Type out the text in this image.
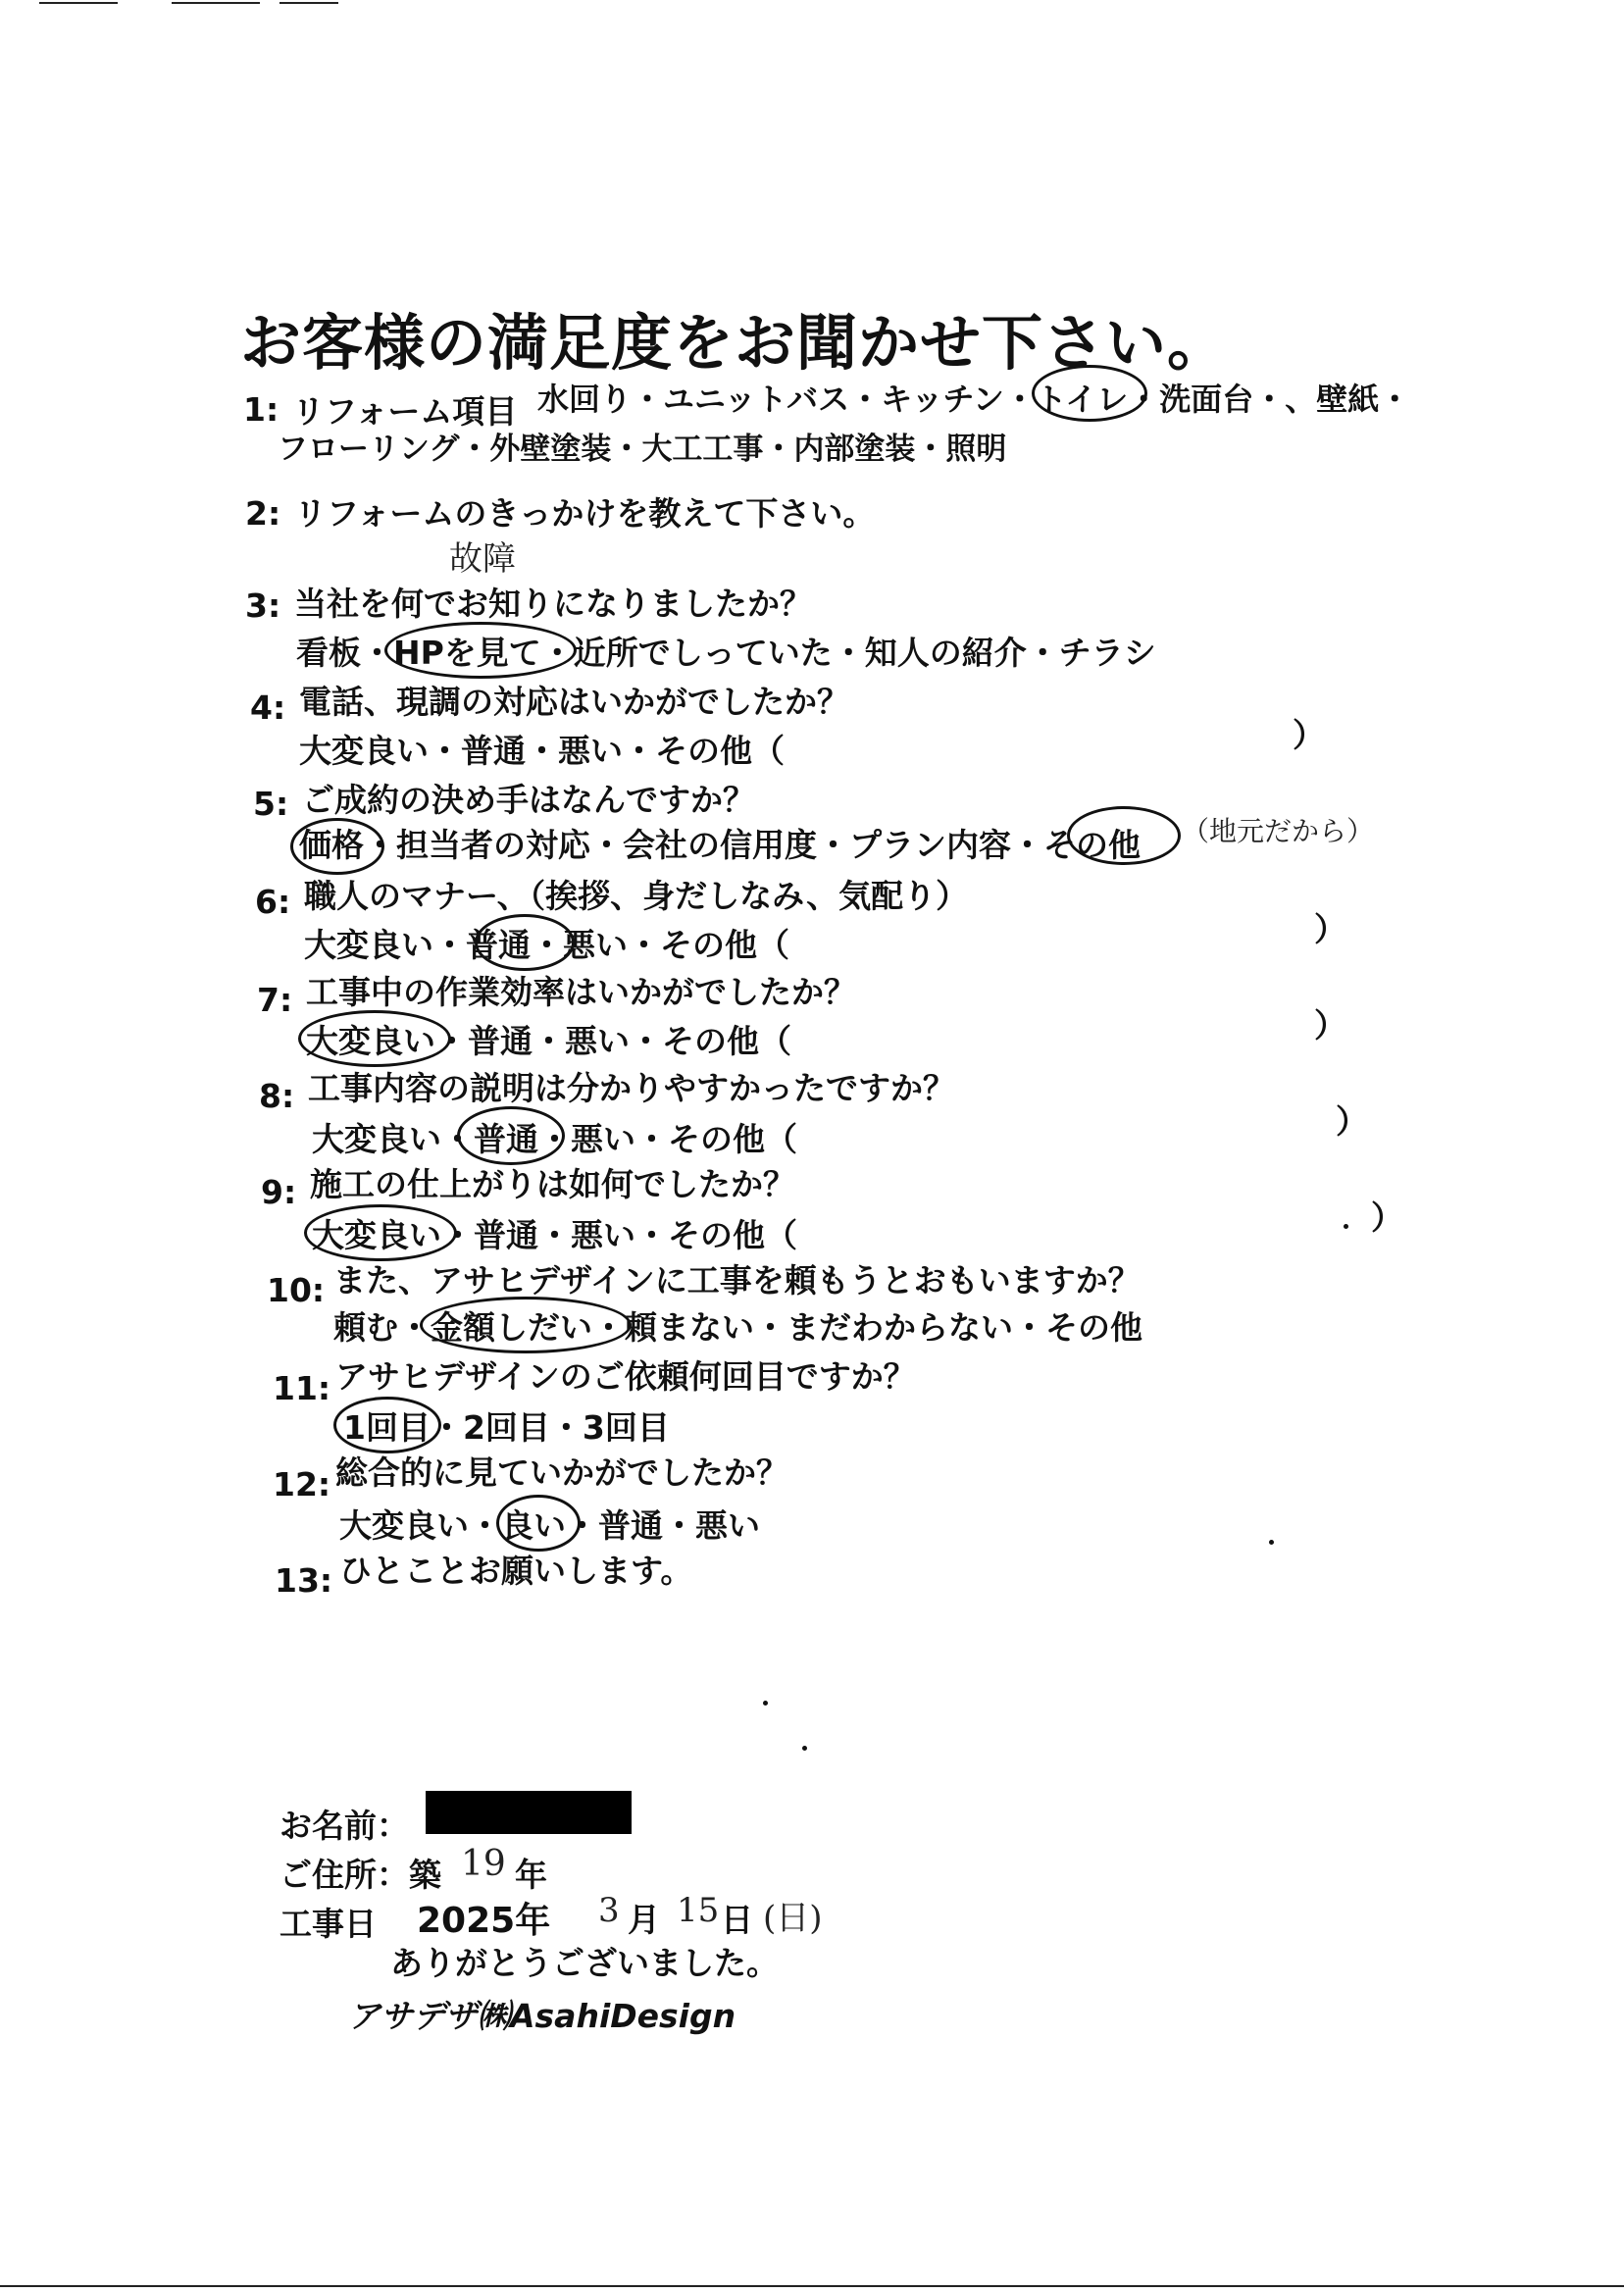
お客様の満足度をお聞かせ下さい。
1: リフォーム項目 水回り・ユニットバス・キッチン・トイレ・洗面台・、壁紙・
フローリング・外壁塗装・大工工事・内部塗装・照明
2: リフォームのきっかけを教えて下さい。
故障
3: 当社を何でお知りになりましたか？
看板・HPを見て・近所でしっていた・知人の紹介・チラシ
4: 電話、現調の対応はいかがでしたか？
大変良い・普通・悪い・その他（	）
5: ご成約の決め手はなんですか？
価格・担当者の対応・会社の信用度・プラン内容・その他 （地元だから）
6: 職人のマナー、（挨拶、身だしなみ、気配り）
大変良い・普通・悪い・その他（	）
7: 工事中の作業効率はいかがでしたか？
大変良い・普通・悪い・その他（	）
8: 工事内容の説明は分かりやすかったですか？
大変良い・普通・悪い・その他（	）
9: 施工の仕上がりは如何でしたか？
大変良い・普通・悪い・その他（	）
10: また、アサヒデザインに工事を頼もうとおもいますか？
頼む・金額しだい・頼まない・まだわからない・その他
11: アサヒデザインのご依頼何回目ですか？
1回目・2回目・3回目
12: 総合的に見ていかがでしたか？
大変良い・良い・普通・悪い
13: ひとことお願いします。
お名前：
ご住所：築 19 年
工事日 2025年 3 月 15 日 (日)
ありがとうございました。
アサデザ㈱AsahiDesign
